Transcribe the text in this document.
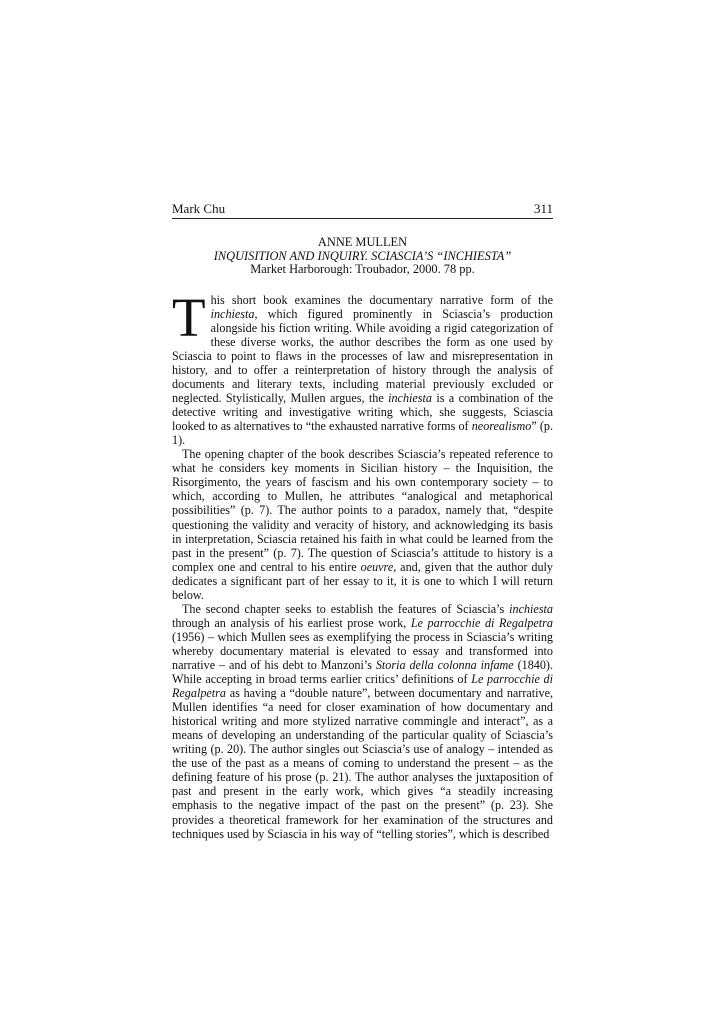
Mark Chu	311
ANNE MULLEN
INQUISITION AND INQUIRY. SCIASCIA’S “INCHIESTA”
Market Harborough: Troubador, 2000. 78 pp.

This short book examines the documentary narrative form of the inchiesta, which figured prominently in Sciascia’s production alongside his fiction writing. While avoiding a rigid categorization of these diverse works, the author describes the form as one used by Sciascia to point to flaws in the processes of law and misrepresentation in history, and to offer a reinterpretation of history through the analysis of documents and literary texts, including material previously excluded or neglected. Stylistically, Mullen argues, the inchiesta is a combination of the detective writing and investigative writing which, she suggests, Sciascia looked to as alternatives to “the exhausted narrative forms of neorealismo” (p. 1).

The opening chapter of the book describes Sciascia’s repeated reference to what he considers key moments in Sicilian history – the Inquisition, the Risorgimento, the years of fascism and his own contemporary society – to which, according to Mullen, he attributes “analogical and metaphorical possibilities” (p. 7). The author points to a paradox, namely that, “despite questioning the validity and veracity of history, and acknowledging its basis in interpretation, Sciascia retained his faith in what could be learned from the past in the present” (p. 7). The question of Sciascia’s attitude to history is a complex one and central to his entire oeuvre, and, given that the author duly dedicates a significant part of her essay to it, it is one to which I will return below.

The second chapter seeks to establish the features of Sciascia’s inchiesta through an analysis of his earliest prose work, Le parrocchie di Regalpetra (1956) – which Mullen sees as exemplifying the process in Sciascia’s writing whereby documentary material is elevated to essay and transformed into narrative – and of his debt to Manzoni’s Storia della colonna infame (1840). While accepting in broad terms earlier critics’ definitions of Le parrocchie di Regalpetra as having a “double nature”, between documentary and narrative, Mullen identifies “a need for closer examination of how documentary and historical writing and more stylized narrative commingle and interact”, as a means of developing an understanding of the particular quality of Sciascia’s writing (p. 20). The author singles out Sciascia’s use of analogy – intended as the use of the past as a means of coming to understand the present – as the defining feature of his prose (p. 21). The author analyses the juxtaposition of past and present in the early work, which gives “a steadily increasing emphasis to the negative impact of the past on the present” (p. 23). She provides a theoretical framework for her examination of the structures and techniques used by Sciascia in his way of “telling stories”, which is described
